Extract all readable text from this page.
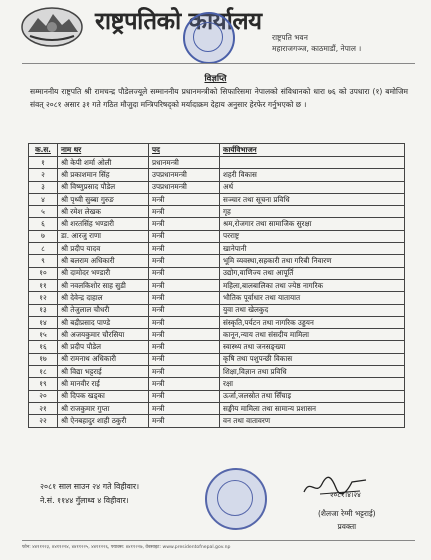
राष्ट्रपतिको कार्यालय
राष्ट्रपति भवन
महाराजगञ्ज, काठमाडौं, नेपाल ।
विज्ञप्ति
सम्माननीय राष्ट्रपति श्री रामचन्द्र पौडेलज्यूले सम्माननीय प्रधानमन्त्रीको सिफारिसमा नेपालको संविधानको धारा ७६ को उपधारा (१) बमोजिम संवत् २०८१ असार ३१ गते गठित मौजुदा मन्त्रिपरिषद्को मर्यादाक्रम देहाय अनुसार हेरफेर गर्नुभएको छ ।
क.स.	नाम थर	पद	कार्यविभाजन
१	श्री केपी शर्मा ओली	प्रधानमन्त्री	
२	श्री प्रकाशमान सिंह	उपप्रधानमन्त्री	शहरी विकास
३	श्री विष्णुप्रसाद पौडेल	उपप्रधानमन्त्री	अर्थ
४	श्री पृथ्वी सुब्बा गुरुङ	मन्त्री	सञ्चार तथा सूचना प्रविधि
५	श्री रमेश लेखक	मन्त्री	गृह
६	श्री शरतसिंह भण्डारी	मन्त्री	श्रम,रोजगार तथा सामाजिक सुरक्षा
७	डा. आरजु राणा	मन्त्री	परराष्ट्र
८	श्री प्रदीप यादव	मन्त्री	खानेपानी
९	श्री बलराम अधिकारी	मन्त्री	भूमि व्यवस्था,सहकारी तथा गरिबी निवारण
१०	श्री दामोदर भण्डारी	मन्त्री	उद्योग,वाणिज्य तथा आपूर्ति
११	श्री नवलकिशोर साह सुडी	मन्त्री	महिला,बालबालिका तथा ज्येष्ठ नागरिक
१२	श्री देवेन्द्र दाहाल	मन्त्री	भौतिक पूर्वाधार तथा यातायात
१३	श्री तेजुलाल चौधरी	मन्त्री	युवा तथा खेलकुद
१४	श्री बद्रीप्रसाद पाण्डे	मन्त्री	संस्कृति,पर्यटन तथा नागरिक उड्डयन
१५	श्री अजयकुमार चौरसिया	मन्त्री	कानून,न्याय तथा संसदीय मामिला
१६	श्री प्रदीप पौडेल	मन्त्री	स्वास्थ्य तथा जनसङ्ख्या
१७	श्री रामनाथ अधिकारी	मन्त्री	कृषि तथा पशुपन्छी विकास
१८	श्री विद्या भट्टराई	मन्त्री	शिक्षा,विज्ञान तथा प्रविधि
१९	श्री मानवीर राई	मन्त्री	रक्षा
२०	श्री दिपक खड्का	मन्त्री	ऊर्जा,जलस्रोत तथा सिँचाइ
२१	श्री राजकुमार गुप्ता	मन्त्री	सङ्घीय मामिला तथा सामान्य प्रशासन
२२	श्री ऐनबहादुर शाही ठकुरी	मन्त्री	वन तथा वातावरण
२०८१ साल साउन २४ गते विहीवार।
ने.सं. ११४४ गुँलाथ्व ४ विहीवार।
२०८१।४।२४
(शैलजा रेग्मी भट्टराई)
प्रवक्ता
फोन: ४४११२२३, ४४११२२४, ४४११२२५, ४४११२२६, फ्याक्स: ४४११२२७, वेबसाइट: www.presidentofnepal.gov.np
